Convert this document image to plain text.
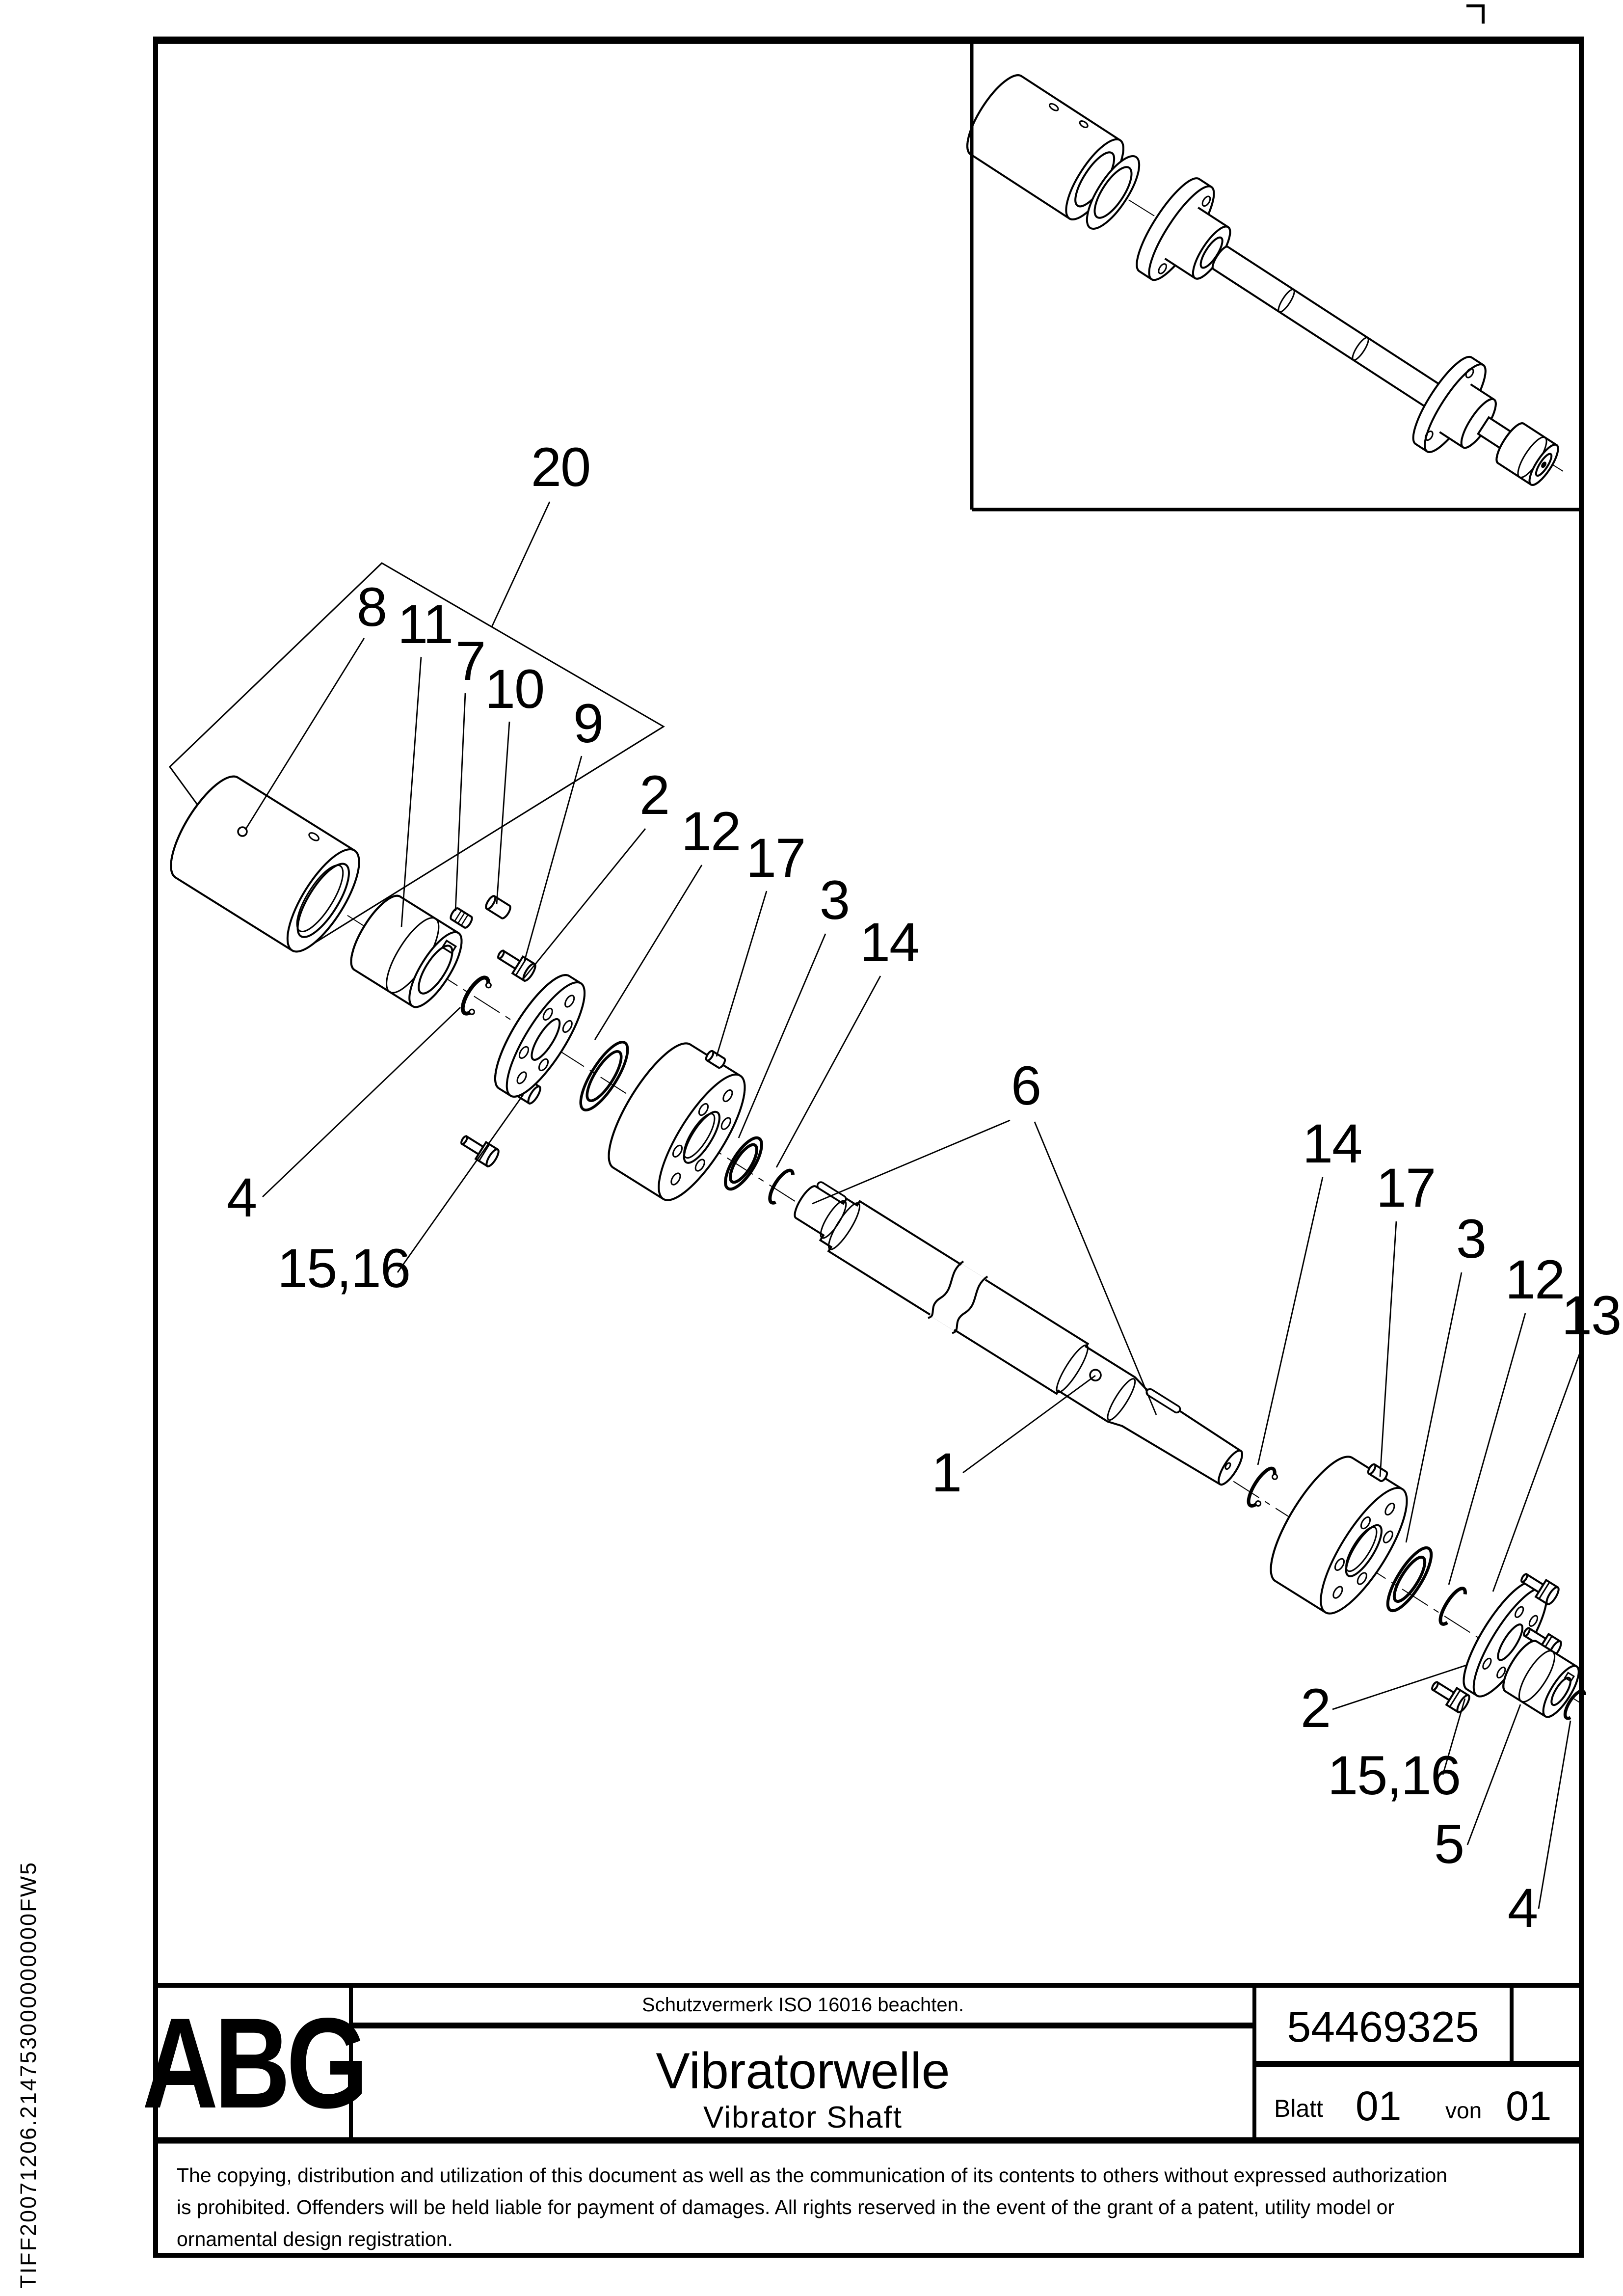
20
8 11
7 10
9
4
15,16
2
12 17
3
14
6
1
14
17
3
12
13
2
15,16
5
4
TIFF20071206.214753000000000FW5 ABG	Schutzvermerk ISO 16016 beachten.
Vibratorwelle
Vibrator Shaft
54469325
Blatt 01 von 01
The copying, distribution and utilization of this document as well as the communication of its contents to others without expressed authorization
is prohibited. Offenders will be held liable for payment of damages. All rights reserved in the event of the grant of a patent, utility model or
ornamental design registration.
